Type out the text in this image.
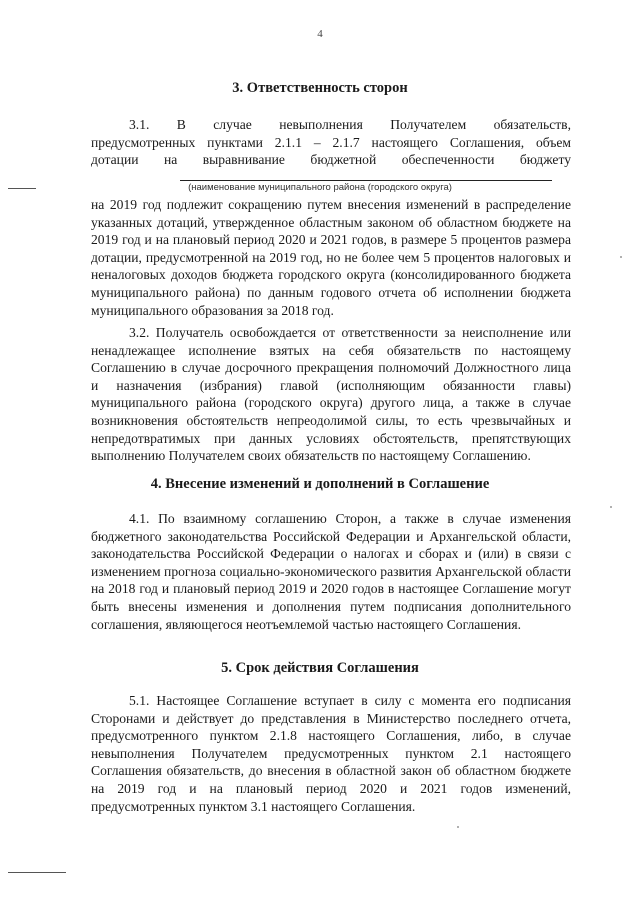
4
3. Ответственность сторон
3.1. В случае невыполнения Получателем обязательств,
предусмотренных пунктами 2.1.1 – 2.1.7 настоящего Соглашения, объем
дотации на выравнивание бюджетной обеспеченности бюджету
(наименование муниципального района (городского округа)
на 2019 год подлежит сокращению путем внесения изменений в распределение указанных дотаций, утвержденное областным законом об областном бюджете на 2019 год и на плановый период 2020 и 2021 годов, в размере 5 процентов размера дотации, предусмотренной на 2019 год, но не более чем 5 процентов налоговых и неналоговых доходов бюджета городского округа (консолидированного бюджета муниципального района) по данным годового отчета об исполнении бюджета муниципального образования за 2018 год.
3.2. Получатель освобождается от ответственности за неисполнение или ненадлежащее исполнение взятых на себя обязательств по настоящему Соглашению в случае досрочного прекращения полномочий Должностного лица и назначения (избрания) главой (исполняющим обязанности главы) муниципального района (городского округа) другого лица, а также в случае возникновения обстоятельств непреодолимой силы, то есть чрезвычайных и непредотвратимых при данных условиях обстоятельств, препятствующих выполнению Получателем своих обязательств по настоящему Соглашению.
4. Внесение изменений и дополнений в Соглашение
4.1. По взаимному соглашению Сторон, а также в случае изменения бюджетного законодательства Российской Федерации и Архангельской области, законодательства Российской Федерации о налогах и сборах и (или) в связи с изменением прогноза социально-экономического развития Архангельской области на 2018 год и плановый период 2019 и 2020 годов в настоящее Соглашение могут быть внесены изменения и дополнения путем подписания дополнительного соглашения, являющегося неотъемлемой частью настоящего Соглашения.
5. Срок действия Соглашения
5.1. Настоящее Соглашение вступает в силу с момента его подписания Сторонами и действует до представления в Министерство последнего отчета, предусмотренного пунктом 2.1.8 настоящего Соглашения, либо, в случае невыполнения Получателем предусмотренных пунктом 2.1 настоящего Соглашения обязательств, до внесения в областной закон об областном бюджете на 2019 год и на плановый период 2020 и 2021 годов изменений, предусмотренных пунктом 3.1 настоящего Соглашения.
